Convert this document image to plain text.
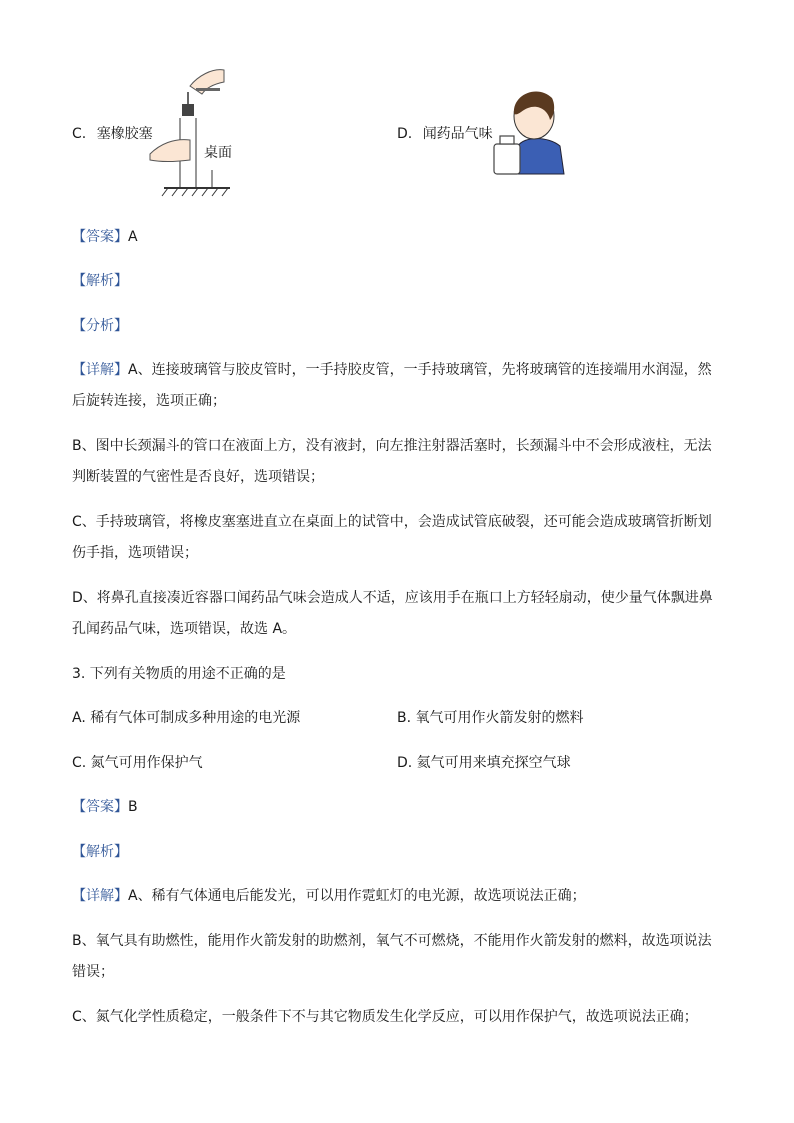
C. 塞橡胶塞
桌面
D. 闻药品气味
【答案】A
【解析】
【分析】
【详解】A、连接玻璃管与胶皮管时，一手持胶皮管，一手持玻璃管，先将玻璃管的连接端用水润湿，然
后旋转连接，选项正确；
B、图中长颈漏斗的管口在液面上方，没有液封，向左推注射器活塞时，长颈漏斗中不会形成液柱，无法
判断装置的气密性是否良好，选项错误；
C、手持玻璃管，将橡皮塞塞进直立在桌面上的试管中，会造成试管底破裂，还可能会造成玻璃管折断划
伤手指，选项错误；
D、将鼻孔直接凑近容器口闻药品气味会造成人不适，应该用手在瓶口上方轻轻扇动，使少量气体飘进鼻
孔闻药品气味，选项错误，故选 A。
3. 下列有关物质的用途不正确的是
A. 稀有气体可制成多种用途的电光源	B. 氧气可用作火箭发射的燃料
C. 氮气可用作保护气	D. 氦气可用来填充探空气球
【答案】B
【解析】
【详解】A、稀有气体通电后能发光，可以用作霓虹灯的电光源，故选项说法正确；
B、氧气具有助燃性，能用作火箭发射的助燃剂，氧气不可燃烧，不能用作火箭发射的燃料，故选项说法
错误；
C、氮气化学性质稳定，一般条件下不与其它物质发生化学反应，可以用作保护气，故选项说法正确；
